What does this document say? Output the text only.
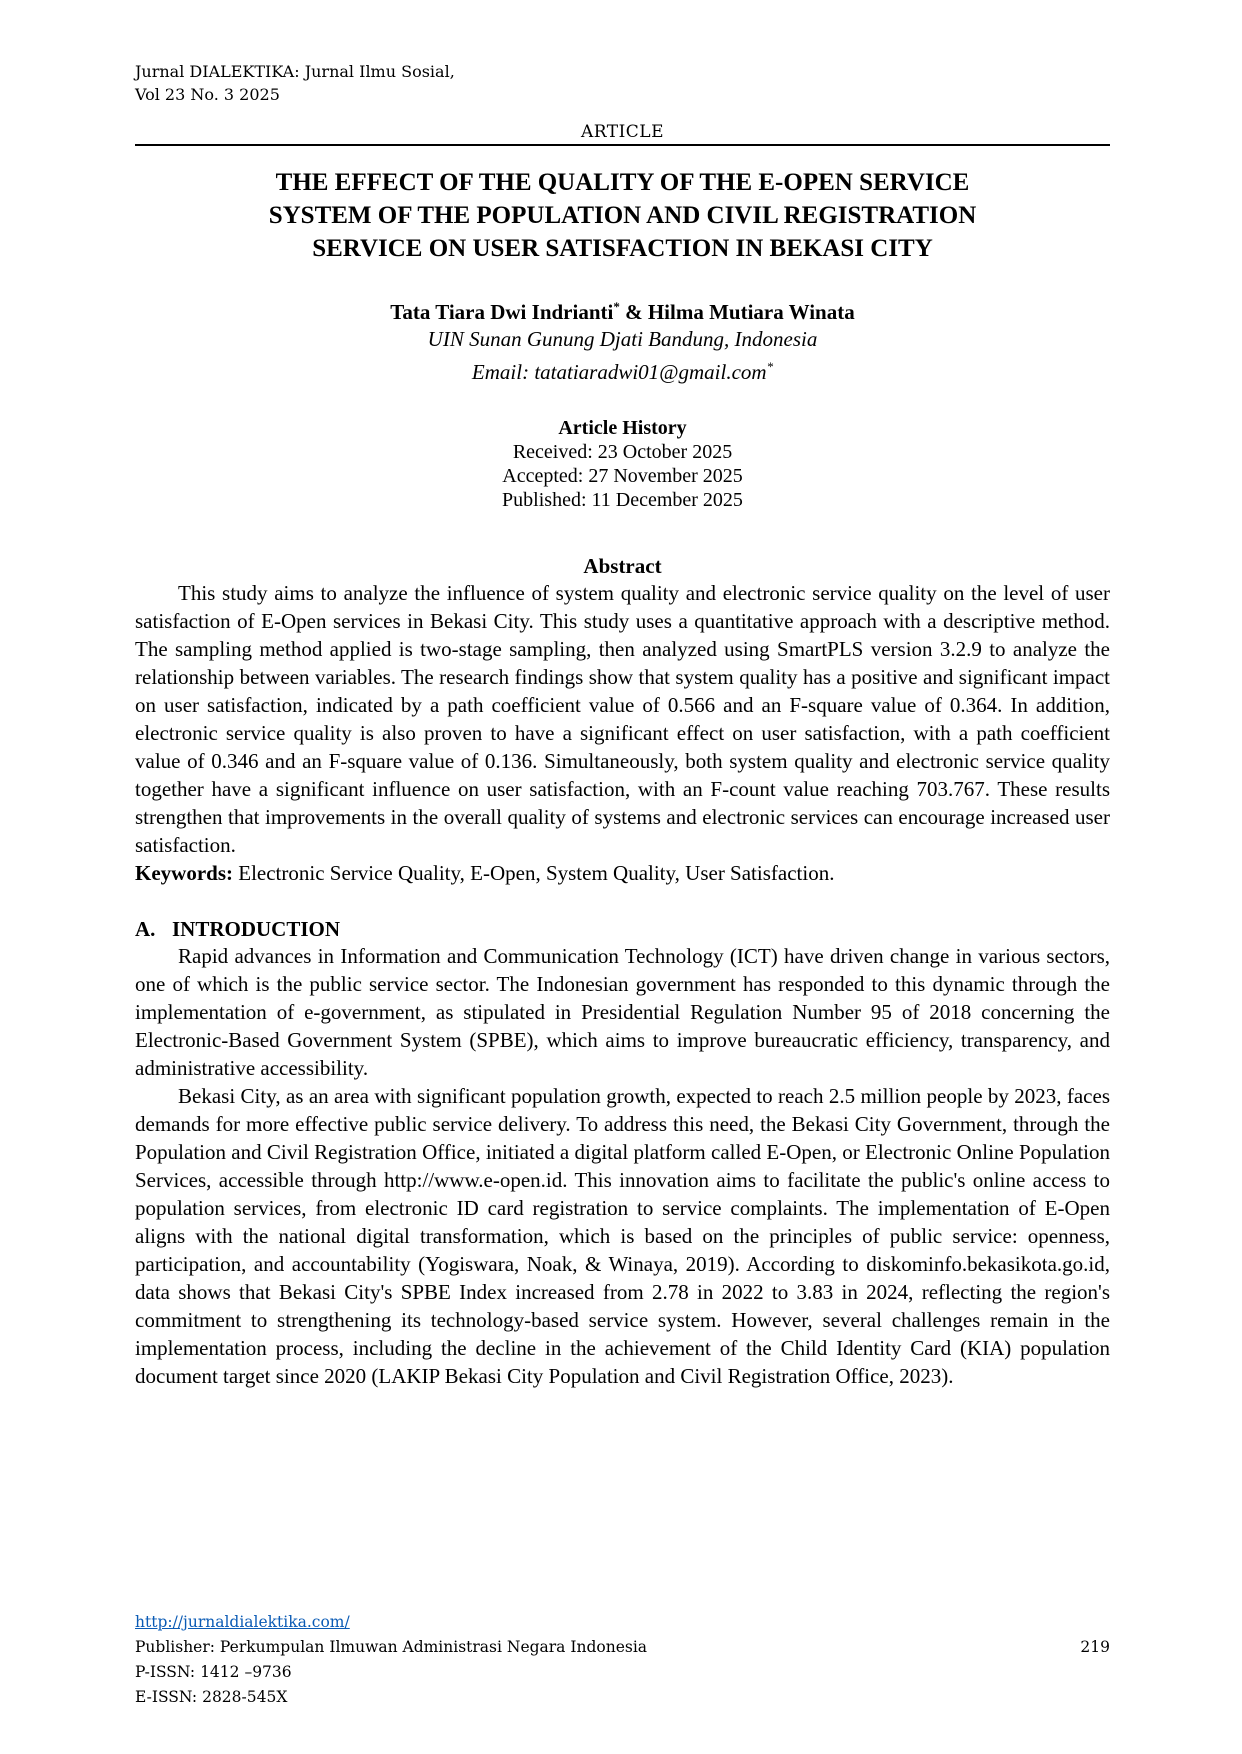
Jurnal DIALEKTIKA: Jurnal Ilmu Sosial,
Vol 23 No. 3 2025
ARTICLE
THE EFFECT OF THE QUALITY OF THE E-OPEN SERVICE
SYSTEM OF THE POPULATION AND CIVIL REGISTRATION
SERVICE ON USER SATISFACTION IN BEKASI CITY
Tata Tiara Dwi Indrianti* & Hilma Mutiara Winata
UIN Sunan Gunung Djati Bandung, Indonesia
Email: tatatiaradwi01@gmail.com*
Article History
Received: 23 October 2025
Accepted: 27 November 2025
Published: 11 December 2025
Abstract

This study aims to analyze the influence of system quality and electronic service quality on the level of user satisfaction of E-Open services in Bekasi City. This study uses a quantitative approach with a descriptive method. The sampling method applied is two-stage sampling, then analyzed using SmartPLS version 3.2.9 to analyze the relationship between variables. The research findings show that system quality has a positive and significant impact on user satisfaction, indicated by a path coefficient value of 0.566 and an F-square value of 0.364. In addition, electronic service quality is also proven to have a significant effect on user satisfaction, with a path coefficient value of 0.346 and an F-square value of 0.136. Simultaneously, both system quality and electronic service quality together have a significant influence on user satisfaction, with an F-count value reaching 703.767. These results strengthen that improvements in the overall quality of systems and electronic services can encourage increased user satisfaction.

Keywords: Electronic Service Quality, E-Open, System Quality, User Satisfaction.

A. INTRODUCTION

Rapid advances in Information and Communication Technology (ICT) have driven change in various sectors, one of which is the public service sector. The Indonesian government has responded to this dynamic through the implementation of e-government, as stipulated in Presidential Regulation Number 95 of 2018 concerning the Electronic-Based Government System (SPBE), which aims to improve bureaucratic efficiency, transparency, and administrative accessibility.

Bekasi City, as an area with significant population growth, expected to reach 2.5 million people by 2023, faces demands for more effective public service delivery. To address this need, the Bekasi City Government, through the Population and Civil Registration Office, initiated a digital platform called E-Open, or Electronic Online Population Services, accessible through http://www.e-open.id. This innovation aims to facilitate the public's online access to population services, from electronic ID card registration to service complaints. The implementation of E-Open aligns with the national digital transformation, which is based on the principles of public service: openness, participation, and accountability (Yogiswara, Noak, & Winaya, 2019). According to diskominfo.bekasikota.go.id, data shows that Bekasi City's SPBE Index increased from 2.78 in 2022 to 3.83 in 2024, reflecting the region's commitment to strengthening its technology-based service system. However, several challenges remain in the implementation process, including the decline in the achievement of the Child Identity Card (KIA) population document target since 2020 (LAKIP Bekasi City Population and Civil Registration Office, 2023).

http://jurnaldialektika.com/
Publisher: Perkumpulan Ilmuwan Administrasi Negara Indonesia	219
P-ISSN: 1412 –9736
E-ISSN: 2828-545X
